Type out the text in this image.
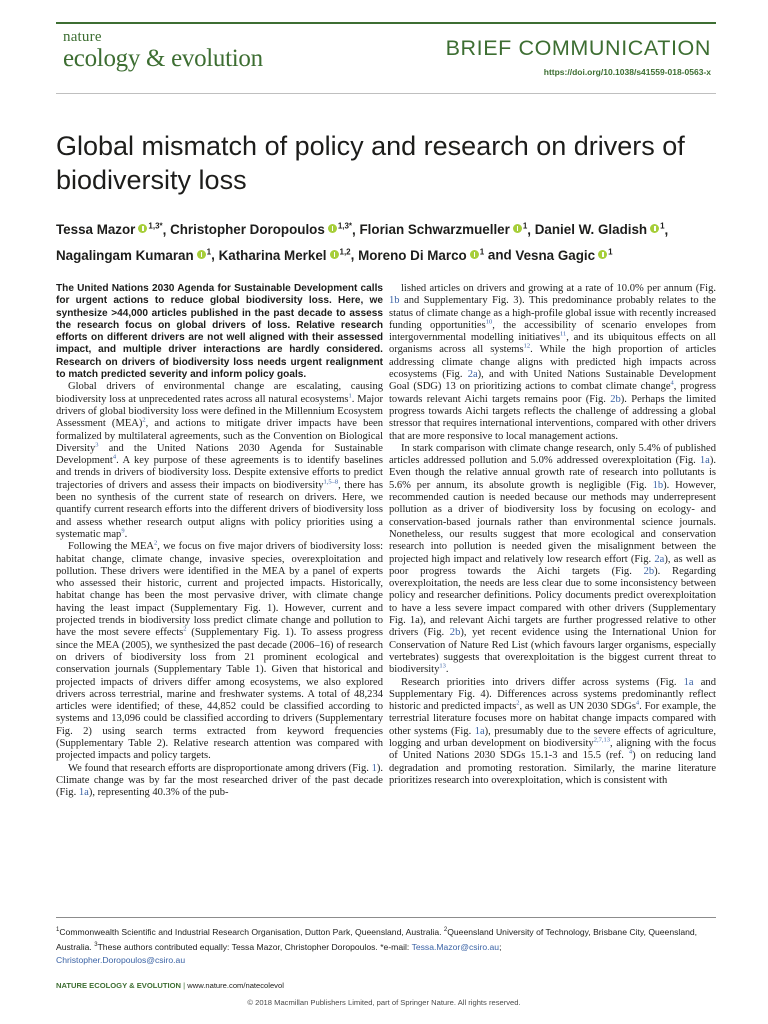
nature
ecology & evolution	BRIEF COMMUNICATION
https://doi.org/10.1038/s41559-018-0563-x
Global mismatch of policy and research on drivers of biodiversity loss
Tessa Mazor $^{1,3*}$, Christopher Doropoulos $^{1,3*}$, Florian Schwarzmueller $^1$, Daniel W. Gladish $^1$, Nagalingam Kumaran $^1$, Katharina Merkel $^{1,2}$, Moreno Di Marco $^1$ and Vesna Gagic $^1$

The United Nations 2030 Agenda for Sustainable Development calls for urgent actions to reduce global biodiversity loss. Here, we synthesize >44,000 articles published in the past decade to assess the research focus on global drivers of loss. Relative research efforts on different drivers are not well aligned with their assessed impact, and multiple driver interactions are hardly considered. Research on drivers of biodiversity loss needs urgent realignment to match predicted severity and inform policy goals.

Global drivers of environmental change are escalating, causing biodiversity loss at unprecedented rates across all natural ecosystems$^1$. Major drivers of global biodiversity loss were defined in the Millennium Ecosystem Assessment (MEA)$^2$, and actions to mitigate driver impacts have been formalized by multilateral agreements, such as the Convention on Biological Diversity$^3$ and the United Nations 2030 Agenda for Sustainable Development$^4$. A key purpose of these agreements is to identify baselines and trends in drivers of biodiversity loss. Despite extensive efforts to predict trajectories of drivers and assess their impacts on biodiversity$^{1,5-8}$, there has been no synthesis of the current state of research on drivers. Here, we quantify current research efforts into the different drivers of biodiversity loss and assess whether research output aligns with policy priorities using a systematic map$^9$.

Following the MEA$^2$, we focus on five major drivers of biodiversity loss: habitat change, climate change, invasive species, overexploitation and pollution. These drivers were identified in the MEA by a panel of experts who assessed their historic, current and projected impacts. Historically, habitat change has been the most pervasive driver, with climate change having the least impact (Supplementary Fig. 1). However, current and projected trends in biodiversity loss predict climate change and pollution to have the most severe effects$^2$ (Supplementary Fig. 1). To assess progress since the MEA (2005), we synthesized the past decade (2006–16) of research on drivers of biodiversity loss from 21 prominent ecological and conservation journals (Supplementary Table 1). Given that historical and projected impacts of drivers differ among ecosystems, we also explored drivers across terrestrial, marine and freshwater systems. A total of 48,234 articles were identified; of these, 44,852 could be classified according to systems and 13,096 could be classified according to drivers (Supplementary Fig. 2) using search terms extracted from keyword frequencies (Supplementary Table 2). Relative research attention was compared with projected impacts and policy targets.

We found that research efforts are disproportionate among drivers (Fig. 1). Climate change was by far the most researched driver of the past decade (Fig. 1a), representing 40.3% of the pub-

lished articles on drivers and growing at a rate of 10.0% per annum (Fig. 1b and Supplementary Fig. 3). This predominance probably relates to the status of climate change as a high-profile global issue with recently increased funding opportunities$^{10}$, the accessibility of scenario envelopes from intergovernmental modelling initiatives$^{11}$, and its ubiquitous effects on all organisms across all systems$^{12}$. While the high proportion of articles addressing climate change aligns with predicted high impacts across ecosystems (Fig. 2a), and with United Nations Sustainable Development Goal (SDG) 13 on prioritizing actions to combat climate change$^4$, progress towards relevant Aichi targets remains poor (Fig. 2b). Perhaps the limited progress towards Aichi targets reflects the challenge of addressing a global stressor that requires international interventions, compared with other drivers that are more responsive to local management actions.

In stark comparison with climate change research, only 5.4% of published articles addressed pollution and 5.0% addressed overexploitation (Fig. 1a). Even though the relative annual growth rate of research into pollutants is 5.6% per annum, its absolute growth is negligible (Fig. 1b). However, recommended caution is needed because our methods may underrepresent pollution as a driver of biodiversity loss by focusing on ecology- and conservation-based journals rather than environmental science journals. Nonetheless, our results suggest that more ecological and conservation research into pollution is needed given the misalignment between the projected high impact and relatively low research effort (Fig. 2a), as well as poor progress towards the Aichi targets (Fig. 2b). Regarding overexploitation, the needs are less clear due to some inconsistency between policy and researcher definitions. Policy documents predict overexploitation to have a less severe impact compared with other drivers (Supplementary Fig. 1a), and relevant Aichi targets are further progressed relative to other drivers (Fig. 2b), yet recent evidence using the International Union for Conservation of Nature Red List (which favours larger organisms, especially vertebrates) suggests that overexploitation is the biggest current threat to biodiversity$^{13}$.

Research priorities into drivers differ across systems (Fig. 1a and Supplementary Fig. 4). Differences across systems predominantly reflect historic and predicted impacts$^2$, as well as UN 2030 SDGs$^4$. For example, the terrestrial literature focuses more on habitat change impacts compared with other systems (Fig. 1a), presumably due to the severe effects of agriculture, logging and urban development on biodiversity$^{2,7,13}$, aligning with the focus of United Nations 2030 SDGs 15.1-3 and 15.5 (ref. $^4$) on reducing land degradation and promoting restoration. Similarly, the marine literature prioritizes research into overexploitation, which is consistent with

$^1$Commonwealth Scientific and Industrial Research Organisation, Dutton Park, Queensland, Australia. $^2$Queensland University of Technology, Brisbane City, Queensland, Australia. $^3$These authors contributed equally: Tessa Mazor, Christopher Doropoulos. *e-mail: Tessa.Mazor@csiro.au;
Christopher.Doropoulos@csiro.au
NATURE ECOLOGY & EVOLUTION | www.nature.com/natecolevol
© 2018 Macmillan Publishers Limited, part of Springer Nature. All rights reserved.
